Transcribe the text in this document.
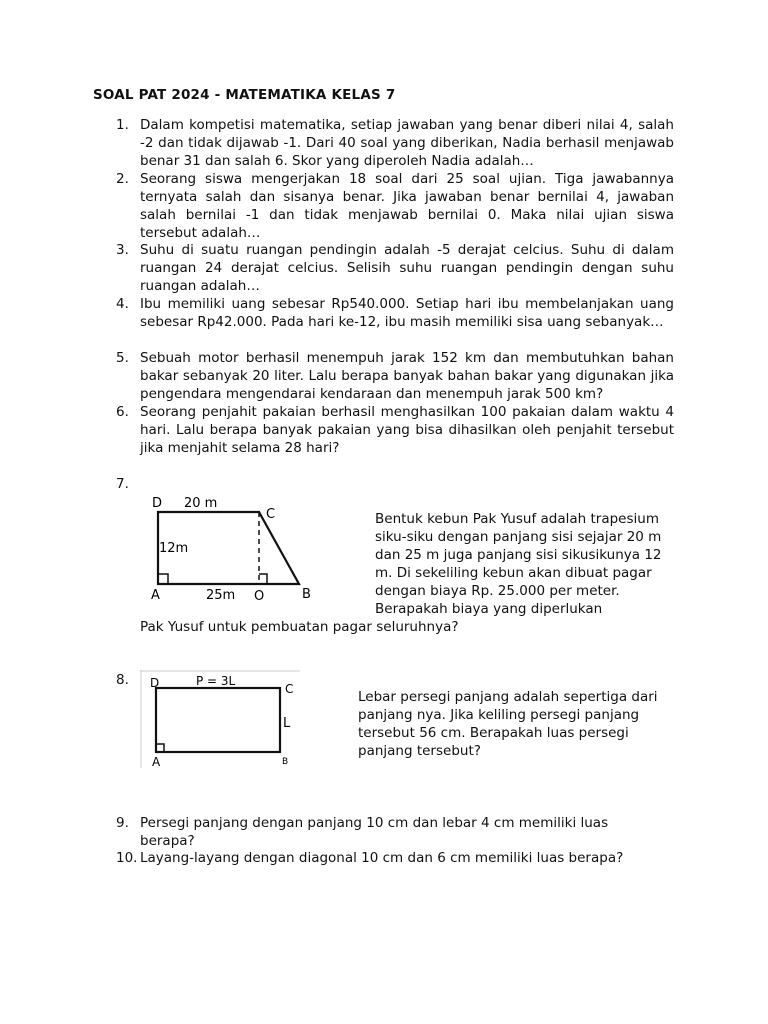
SOAL PAT 2024 - MATEMATIKA KELAS 7
1. Dalam kompetisi matematika, setiap jawaban yang benar diberi nilai 4, salah -2 dan tidak dijawab -1. Dari 40 soal yang diberikan, Nadia berhasil menjawab benar 31 dan salah 6. Skor yang diperoleh Nadia adalah…
2. Seorang siswa mengerjakan 18 soal dari 25 soal ujian. Tiga jawabannya ternyata salah dan sisanya benar. Jika jawaban benar bernilai 4, jawaban salah bernilai -1 dan tidak menjawab bernilai 0. Maka nilai ujian siswa tersebut adalah…
3. Suhu di suatu ruangan pendingin adalah -5 derajat celcius. Suhu di dalam ruangan 24 derajat celcius. Selisih suhu ruangan pendingin dengan suhu ruangan adalah…
4. Ibu memiliki uang sebesar Rp540.000. Setiap hari ibu membelanjakan uang sebesar Rp42.000. Pada hari ke-12, ibu masih memiliki sisa uang sebanyak…
5. Sebuah motor berhasil menempuh jarak 152 km dan membutuhkan bahan bakar sebanyak 20 liter. Lalu berapa banyak bahan bakar yang digunakan jika pengendara mengendarai kendaraan dan menempuh jarak 500 km?
6. Seorang penjahit pakaian berhasil menghasilkan 100 pakaian dalam waktu 4 hari. Lalu berapa banyak pakaian yang bisa dihasilkan oleh penjahit tersebut jika menjahit selama 28 hari?
7.
D 20 m
C
12m
A	25m O	B
Bentuk kebun Pak Yusuf adalah trapesium siku-siku dengan panjang sisi sejajar 20 m dan 25 m juga panjang sisi sikusikunya 12 m. Di sekeliling kebun akan dibuat pagar dengan biaya Rp. 25.000 per meter. Berapakah biaya yang diperlukan
Pak Yusuf untuk pembuatan pagar seluruhnya?
8.	D	P = 3L
C
L
A	B
Lebar persegi panjang adalah sepertiga dari panjang nya. Jika keliling persegi panjang tersebut 56 cm. Berapakah luas persegi panjang tersebut?
9. Persegi panjang dengan panjang 10 cm dan lebar 4 cm memiliki luas berapa?
10. Layang-layang dengan diagonal 10 cm dan 6 cm memiliki luas berapa?
